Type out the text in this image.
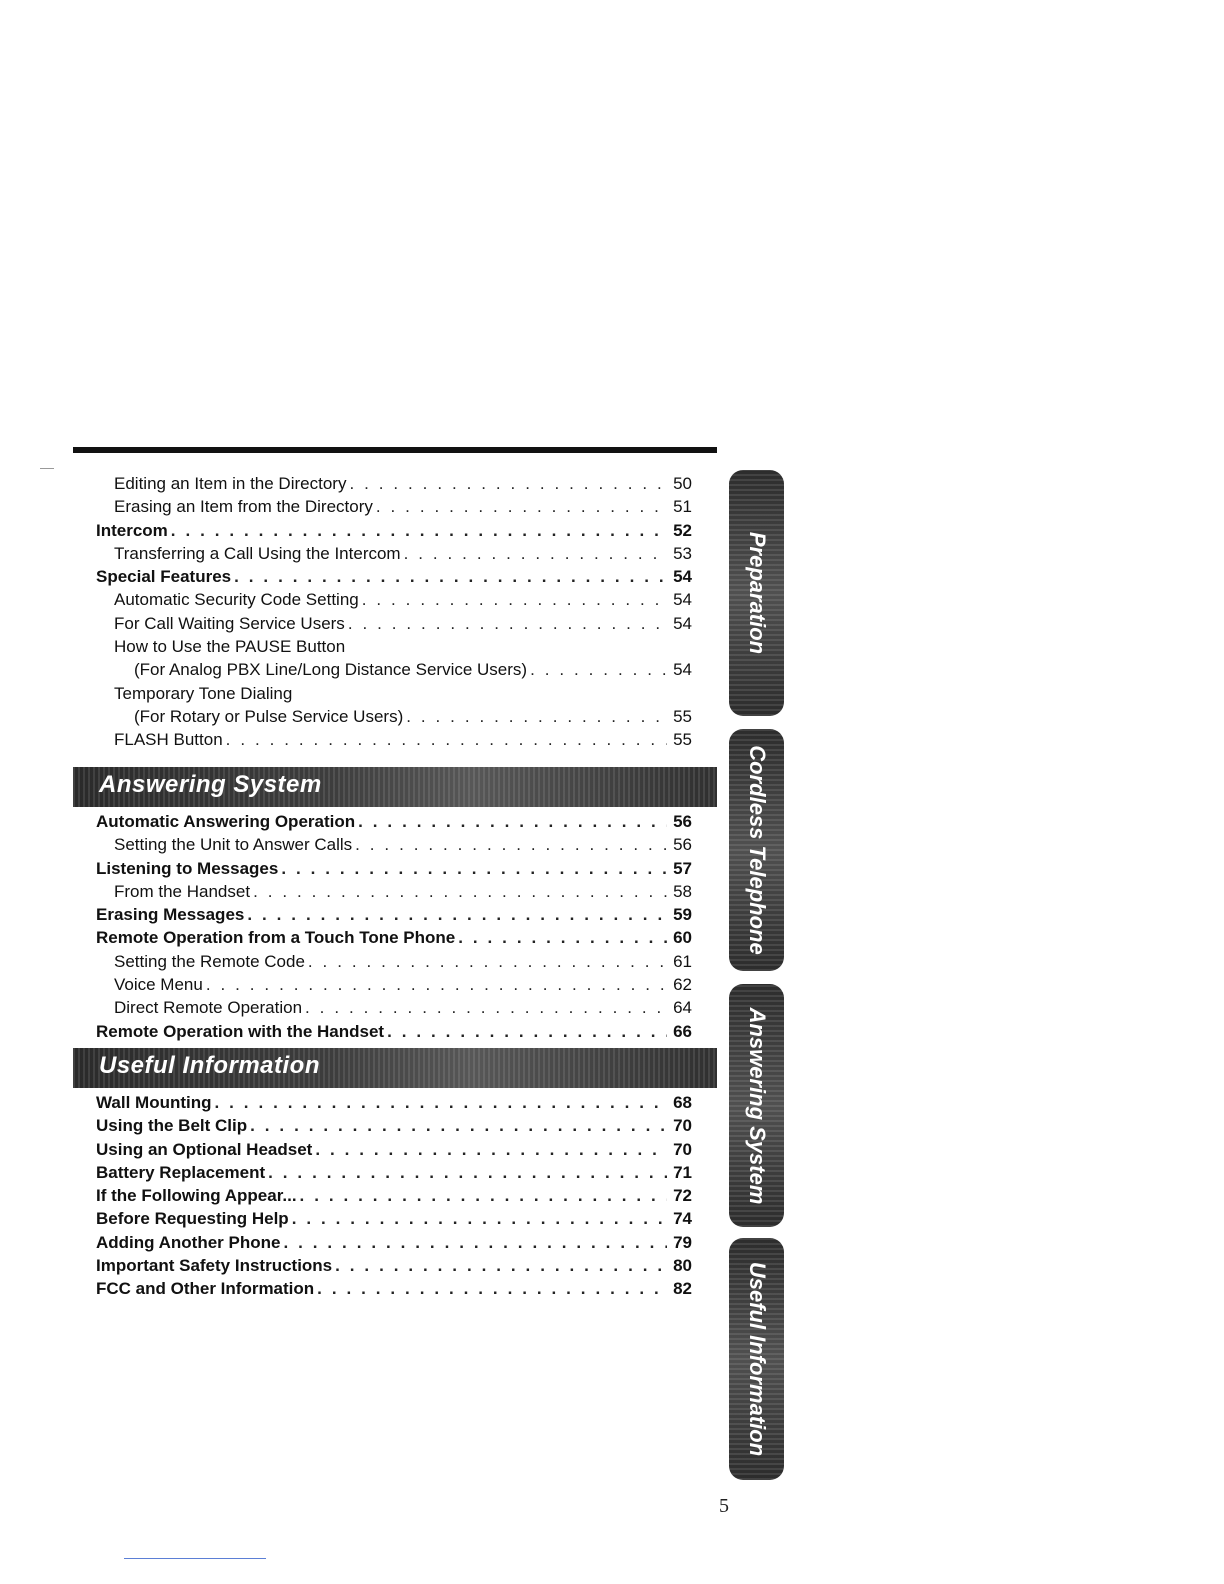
Editing an Item in the Directory . . .	50
Erasing an Item from the Directory . . .	51
Intercom . . .	52
Transferring a Call Using the Intercom . . .	53
Special Features . . .	54
Automatic Security Code Setting . . .	54
For Call Waiting Service Users . . .	54
How to Use the PAUSE Button
(For Analog PBX Line/Long Distance Service Users) . . .	54
Temporary Tone Dialing
(For Rotary or Pulse Service Users) . . .	55
FLASH Button . . .	55
Answering System
Automatic Answering Operation . . .	56
Setting the Unit to Answer Calls . . .	56
Listening to Messages . . .	57
From the Handset . . .	58
Erasing Messages . . .	59
Remote Operation from a Touch Tone Phone . . .	60
Setting the Remote Code . . .	61
Voice Menu . . .	62
Direct Remote Operation . . .	64
Remote Operation with the Handset . . .	66
Useful Information
Wall Mounting . . .	68
Using the Belt Clip . . .	70
Using an Optional Headset . . .	70
Battery Replacement . . .	71
If the Following Appear... . . .	72
Before Requesting Help . . .	74
Adding Another Phone . . .	79
Important Safety Instructions . . .	80
FCC and Other Information . . .	82
Preparation
Cordless Telephone
Answering System
Useful Information
5
